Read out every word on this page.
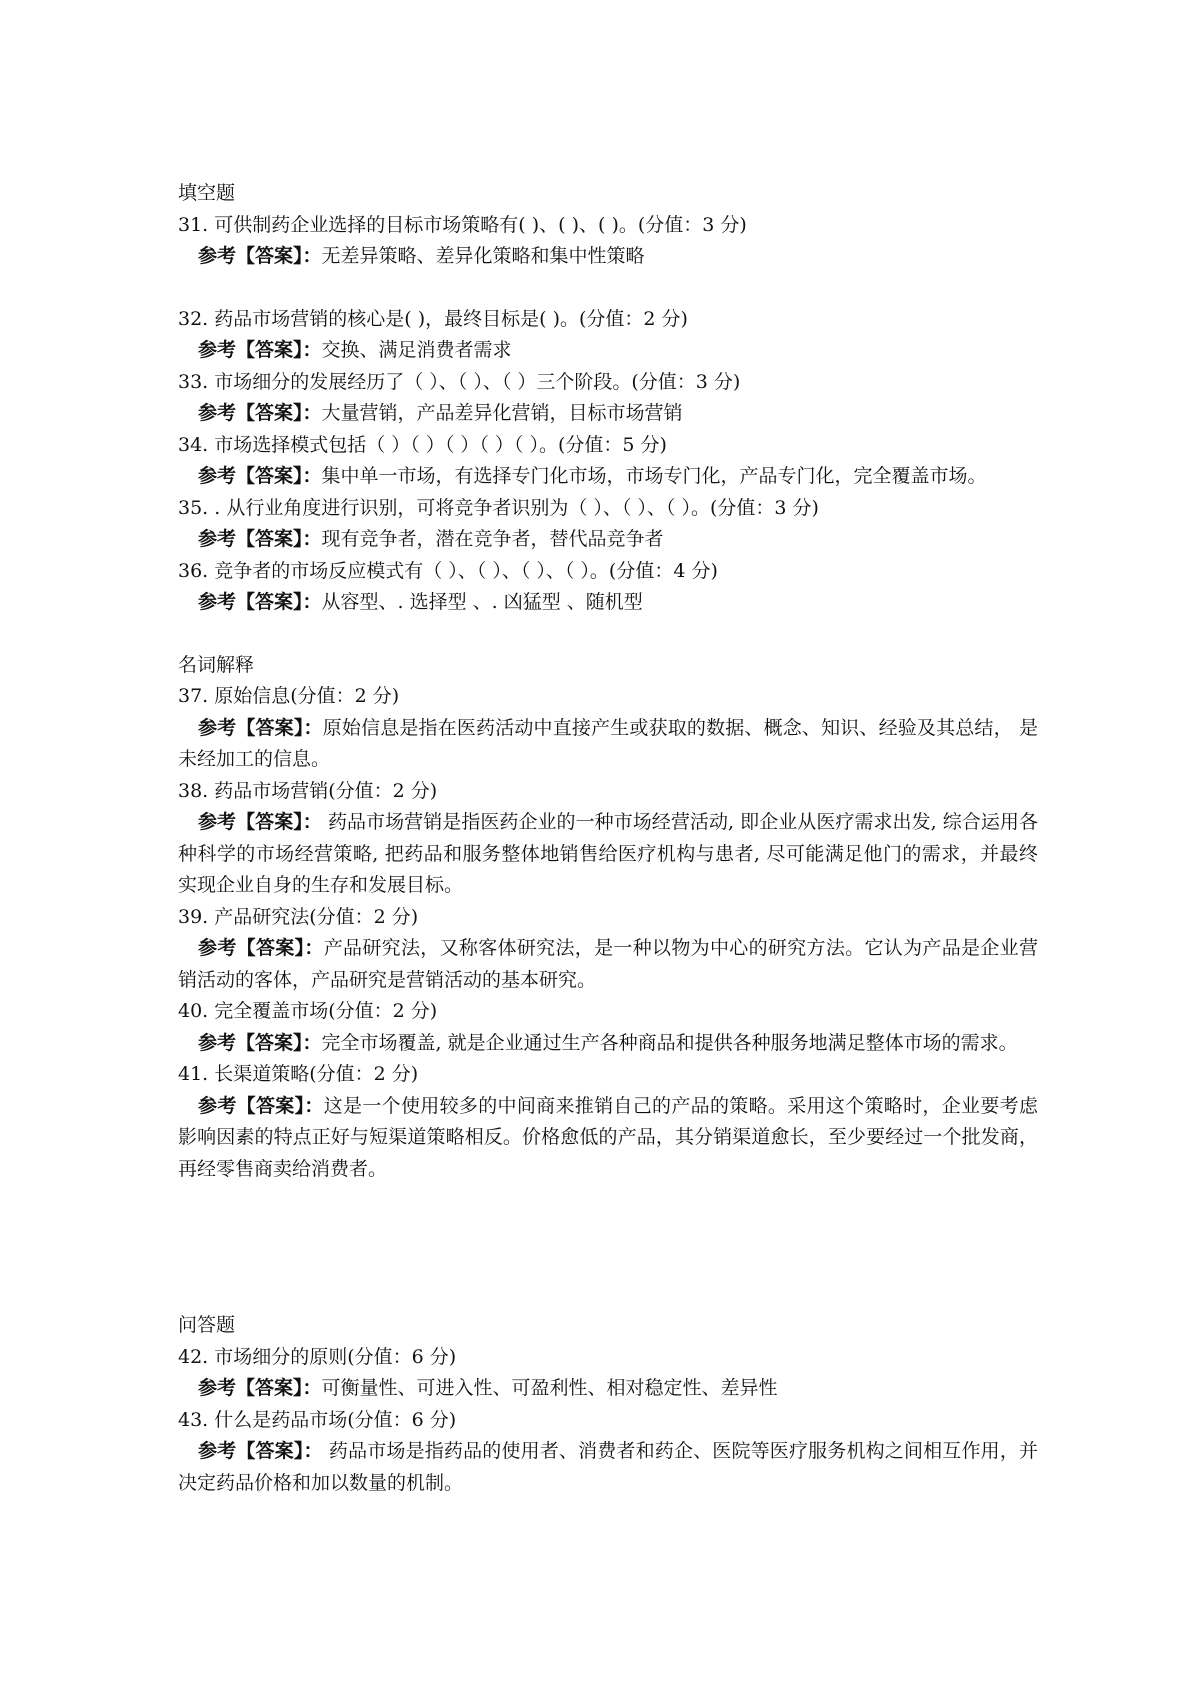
填空题
31. 可供制药企业选择的目标市场策略有( )、( )、( )。(分值：3 分)
参考【答案】：无差异策略、差异化策略和集中性策略
32. 药品市场营销的核心是( )，最终目标是( )。(分值：2 分)
参考【答案】：交换、满足消费者需求
33. 市场细分的发展经历了（ ）、（ ）、（ ）三个阶段。(分值：3 分)
参考【答案】：大量营销，产品差异化营销，目标市场营销
34. 市场选择模式包括（ ）（ ）（ ）（ ）（ ）。(分值：5 分)
参考【答案】：集中单一市场，有选择专门化市场，市场专门化，产品专门化，完全覆盖市场。
35. . 从行业角度进行识别，可将竞争者识别为（ ）、（ ）、（ ）。(分值：3 分)
参考【答案】：现有竞争者，潜在竞争者，替代品竞争者
36. 竞争者的市场反应模式有（ ）、（ ）、（ ）、（ ）。(分值：4 分)
参考【答案】：从容型、. 选择型 、. 凶猛型 、随机型
名词解释
37. 原始信息(分值：2 分)
参考【答案】：原始信息是指在医药活动中直接产生或获取的数据、概念、知识、经验及其总结， 是未经加工的信息。
38. 药品市场营销(分值：2 分)
参考【答案】： 药品市场营销是指医药企业的一种市场经营活动, 即企业从医疗需求出发, 综合运用各种科学的市场经营策略, 把药品和服务整体地销售给医疗机构与患者, 尽可能满足他门的需求，并最终实现企业自身的生存和发展目标。
39. 产品研究法(分值：2 分)
参考【答案】：产品研究法，又称客体研究法，是一种以物为中心的研究方法。它认为产品是企业营销活动的客体，产品研究是营销活动的基本研究。
40. 完全覆盖市场(分值：2 分)
参考【答案】：完全市场覆盖, 就是企业通过生产各种商品和提供各种服务地满足整体市场的需求。
41. 长渠道策略(分值：2 分)
参考【答案】：这是一个使用较多的中间商来推销自己的产品的策略。采用这个策略时，企业要考虑影响因素的特点正好与短渠道策略相反。价格愈低的产品，其分销渠道愈长，至少要经过一个批发商，再经零售商卖给消费者。
问答题
42. 市场细分的原则(分值：6 分)
参考【答案】：可衡量性、可进入性、可盈利性、相对稳定性、差异性
43. 什么是药品市场(分值：6 分)
参考【答案】： 药品市场是指药品的使用者、消费者和药企、医院等医疗服务机构之间相互作用，并决定药品价格和加以数量的机制。
